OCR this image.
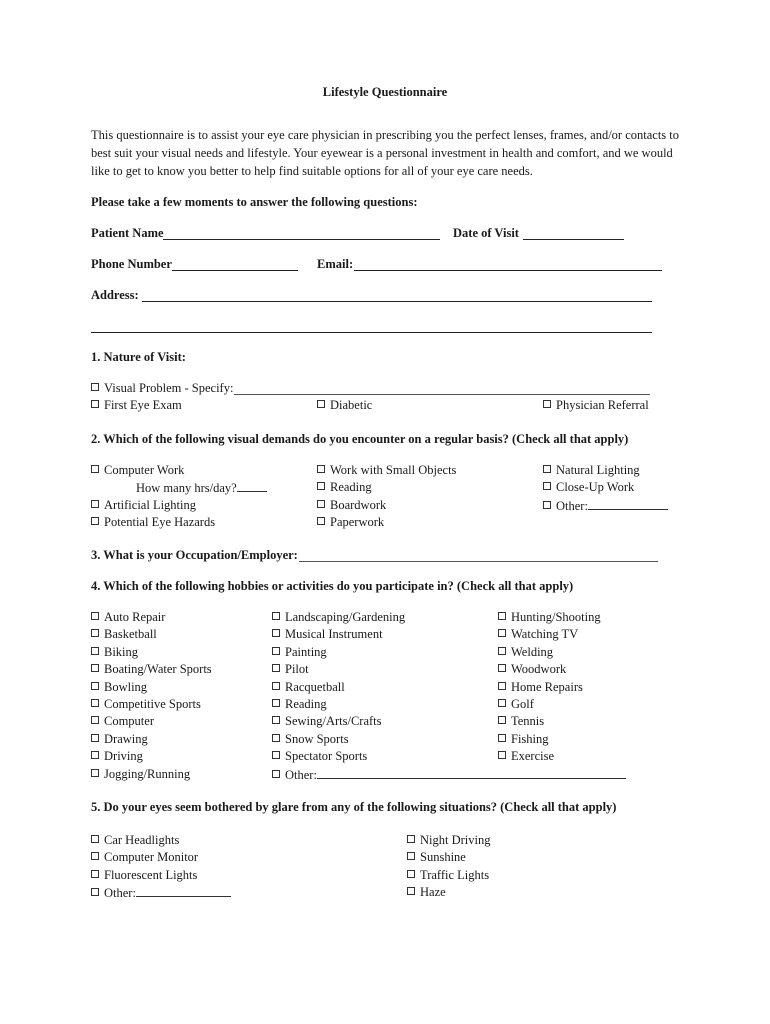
Lifestyle Questionnaire
This questionnaire is to assist your eye care physician in prescribing you the perfect lenses, frames, and/or contacts to best suit your visual needs and lifestyle. Your eyewear is a personal investment in health and comfort, and we would like to get to know you better to help find suitable options for all of your eye care needs.
Please take a few moments to answer the following questions:
Patient Name	Date of Visit
Phone Number	Email:
Address:
1. Nature of Visit:
Visual Problem - Specify:
First Eye Exam	Diabetic	Physician Referral
2. Which of the following visual demands do you encounter on a regular basis? (Check all that apply)
3. What is your Occupation/Employer:
4. Which of the following hobbies or activities do you participate in? (Check all that apply)
5. Do your eyes seem bothered by glare from any of the following situations? (Check all that apply)
Computer Work
How many hrs/day?
Artificial Lighting
Potential Eye Hazards
Work with Small Objects
Reading
Boardwork
Paperwork
Natural Lighting
Close-Up Work
Other:
Auto Repair
Basketball
Biking
Boating/Water Sports
Bowling
Competitive Sports
Computer
Drawing
Driving
Jogging/Running
Landscaping/Gardening
Musical Instrument
Painting
Pilot
Racquetball
Reading
Sewing/Arts/Crafts
Snow Sports
Spectator Sports
Other:
Hunting/Shooting
Watching TV
Welding
Woodwork
Home Repairs
Golf
Tennis
Fishing
Exercise
Car Headlights
Computer Monitor
Fluorescent Lights
Other:
Night Driving
Sunshine
Traffic Lights
Haze
